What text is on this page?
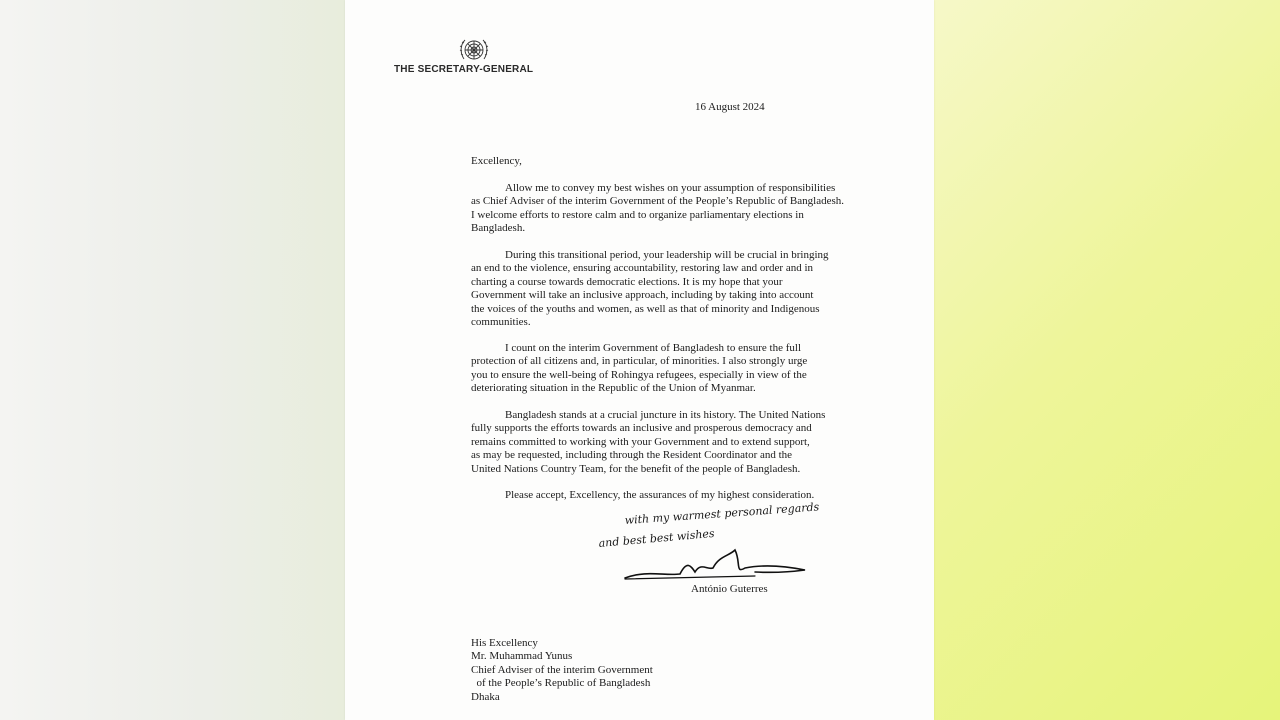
THE SECRETARY-GENERAL
16 August 2024
Excellency,

Allow me to convey my best wishes on your assumption of responsibilities
as Chief Adviser of the interim Government of the People’s Republic of Bangladesh.
I welcome efforts to restore calm and to organize parliamentary elections in
Bangladesh.

During this transitional period, your leadership will be crucial in bringing
an end to the violence, ensuring accountability, restoring law and order and in
charting a course towards democratic elections. It is my hope that your
Government will take an inclusive approach, including by taking into account
the voices of the youths and women, as well as that of minority and Indigenous
communities.

I count on the interim Government of Bangladesh to ensure the full
protection of all citizens and, in particular, of minorities. I also strongly urge
you to ensure the well-being of Rohingya refugees, especially in view of the
deteriorating situation in the Republic of the Union of Myanmar.

Bangladesh stands at a crucial juncture in its history. The United Nations
fully supports the efforts towards an inclusive and prosperous democracy and
remains committed to working with your Government and to extend support,
as may be requested, including through the Resident Coordinator and the
United Nations Country Team, for the benefit of the people of Bangladesh.

Please accept, Excellency, the assurances of my highest consideration.
with my warmest personal regards
and best best wishes
António Guterres

His Excellency
Mr. Muhammad Yunus
Chief Adviser of the interim Government
of the People’s Republic of Bangladesh
Dhaka
